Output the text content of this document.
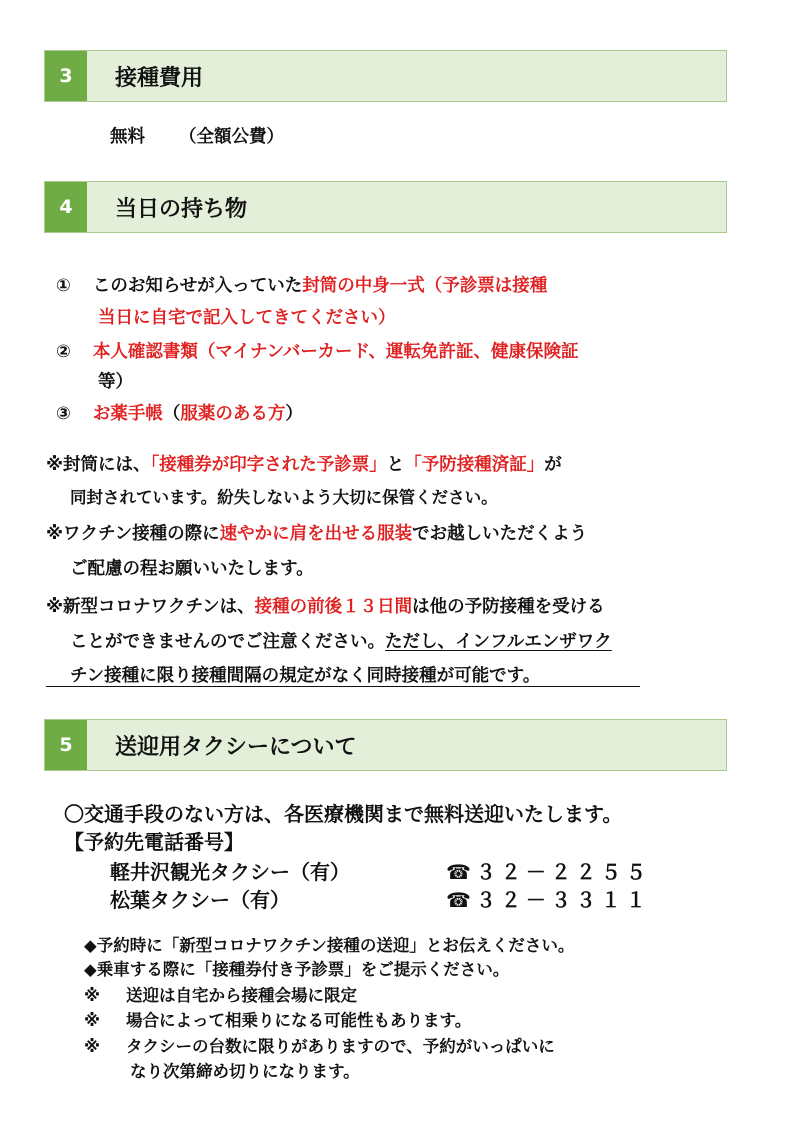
3	接種費用
無料 （全額公費）
4	当日の持ち物
① このお知らせが入っていた封筒の中身一式（予診票は接種
当日に自宅で記入してきてください）
② 本人確認書類（マイナンバーカード、運転免許証、健康保険証
等）
③ お薬手帳（服薬のある方）
※封筒には、「接種券が印字された予診票」と「予防接種済証」が
同封されています。紛失しないよう大切に保管ください。
※ワクチン接種の際に速やかに肩を出せる服装でお越しいただくよう
ご配慮の程お願いいたします。
※新型コロナワクチンは、接種の前後１３日間は他の予防接種を受ける
ことができませんのでご注意ください。ただし、インフルエンザワク
チン接種に限り接種間隔の規定がなく同時接種が可能です。
5	送迎用タクシーについて
〇交通手段のない方は、各医療機関まで無料送迎いたします。
【予約先電話番号】
軽井沢観光タクシー（有）	☎３２－２２５５
松葉タクシー（有）	☎３２－３３１１
◆予約時に「新型コロナワクチン接種の送迎」とお伝えください。
◆乗車する際に「接種券付き予診票」をご提示ください。
※ 送迎は自宅から接種会場に限定
※ 場合によって相乗りになる可能性もあります。
※ タクシーの台数に限りがありますので、予約がいっぱいに
なり次第締め切りになります。
